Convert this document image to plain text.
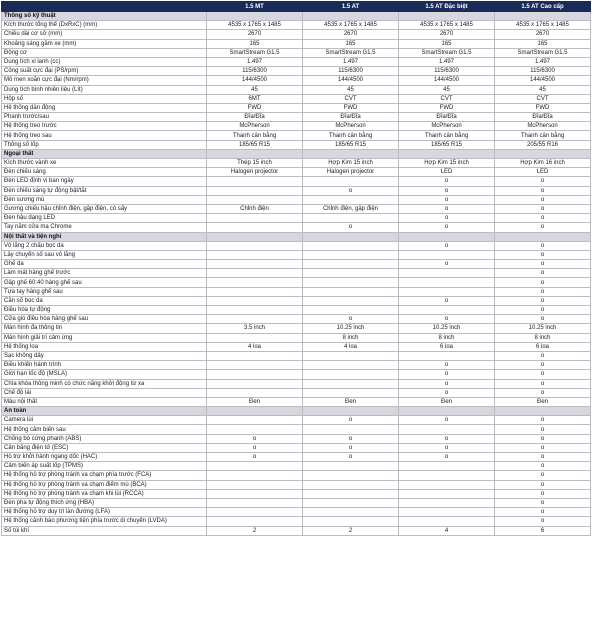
	1.5 MT	1.5 AT	1.5 AT Đặc biệt	1.5 AT Cao cấp
Thông số kỹ thuật				
Kích thước tổng thể (DxRxC) (mm)	4535 x 1765 x 1485	4535 x 1765 x 1485	4535 x 1765 x 1485	4535 x 1765 x 1485
Chiều dài cơ sở (mm)	2670	2670	2670	2670
Khoảng sáng gầm xe (mm)	165	165	165	165
Động cơ	SmartStream G1.5	SmartStream G1.5	SmartStream G1.5	SmartStream G1.5
Dung tích xi lanh (cc)	1.497	1.497	1.497	1.497
Công suất cực đại (PS/rpm)	115/6300	115/6300	115/6300	115/6300
Mô men xoắn cực đại (Nm/rpm)	144/4500	144/4500	144/4500	144/4500
Dung tích bình nhiên liệu (Lít)	45	45	45	45
Hộp số	6MT	CVT	CVT	CVT
Hệ thống dẫn động	FWD	FWD	FWD	FWD
Phanh trước/sau	Đĩa/Đĩa	Đĩa/Đĩa	Đĩa/Đĩa	Đĩa/Đĩa
Hệ thống treo trước	McPherson	McPherson	McPherson	McPherson
Hệ thống treo sau	Thanh cân bằng	Thanh cân bằng	Thanh cân bằng	Thanh cân bằng
Thông số lốp	185/65 R15	185/65 R15	185/65 R15	205/55 R16
Ngoại thất				
Kích thước vành xe	Thép 15 inch	Hợp Kim 15 inch	Hợp Kim 15 inch	Hợp Kim 16 inch
Đèn chiếu sáng	Halogen projector	Halogen projector	LED	LED
Đèn LED định vị ban ngày			o	o
Đèn chiếu sáng tự động bật/tắt		o	o	o
Đèn sương mù			o	o
Gương chiếu hậu chỉnh điện, gập điện, có sấy	Chỉnh điện	Chỉnh điện, gập điện	o	o
Đèn hậu dạng LED			o	o
Tay nắm cửa mạ Chrome		o	o	o
Nội thất và tiện nghi				
Vô lăng 2 chấu bọc da			o	o
Lẫy chuyển số sau vô lăng				o
Ghế da			o	o
Làm mát hàng ghế trước				o
Gập ghế 60:40 hàng ghế sau				o
Tựa tay hàng ghế sau				o
Cần số bọc da			o	o
Điều hòa tự động				o
Cửa gió điều hòa hàng ghế sau		o	o	o
Màn hình đa thông tin	3.5 inch	10.25 inch	10.25 inch	10.25 inch
Màn hình giải trí cảm ứng		8 inch	8 inch	8 inch
Hệ thống loa	4 loa	4 loa	6 loa	6 loa
Sạc không dây				o
Điều khiển hành trình			o	o
Giới hạn tốc độ (MSLA)			o	o
Chìa khóa thông minh có chức năng khởi động từ xa			o	o
Chế độ lái			o	o
Màu nội thất	Đen	Đen	Đen	Đen
An toàn				
Camera lùi		o	o	o
Hệ thống cảm biến sau				o
Chống bó cứng phanh (ABS)	o	o	o	o
Cân bằng điện tử (ESC)	o	o	o	o
Hỗ trợ khởi hành ngang dốc (HAC)	o	o	o	o
Cảm biến áp suất lốp (TPMS)				o
Hệ thống hỗ trợ phòng tránh va chạm phía trước (FCA)				o
Hệ thống hỗ trợ phòng tránh va chạm điểm mù (BCA)				o
Hệ thống hỗ trợ phòng tránh va chạm khi lùi (RCCA)				o
Đèn pha tự động thích ứng (HBA)				o
Hệ thống hỗ trợ duy trì làn đường (LFA)				o
Hệ thống cảnh báo phương tiện phía trước di chuyển (LVDA)				o
Số túi khí	2	2	4	6
